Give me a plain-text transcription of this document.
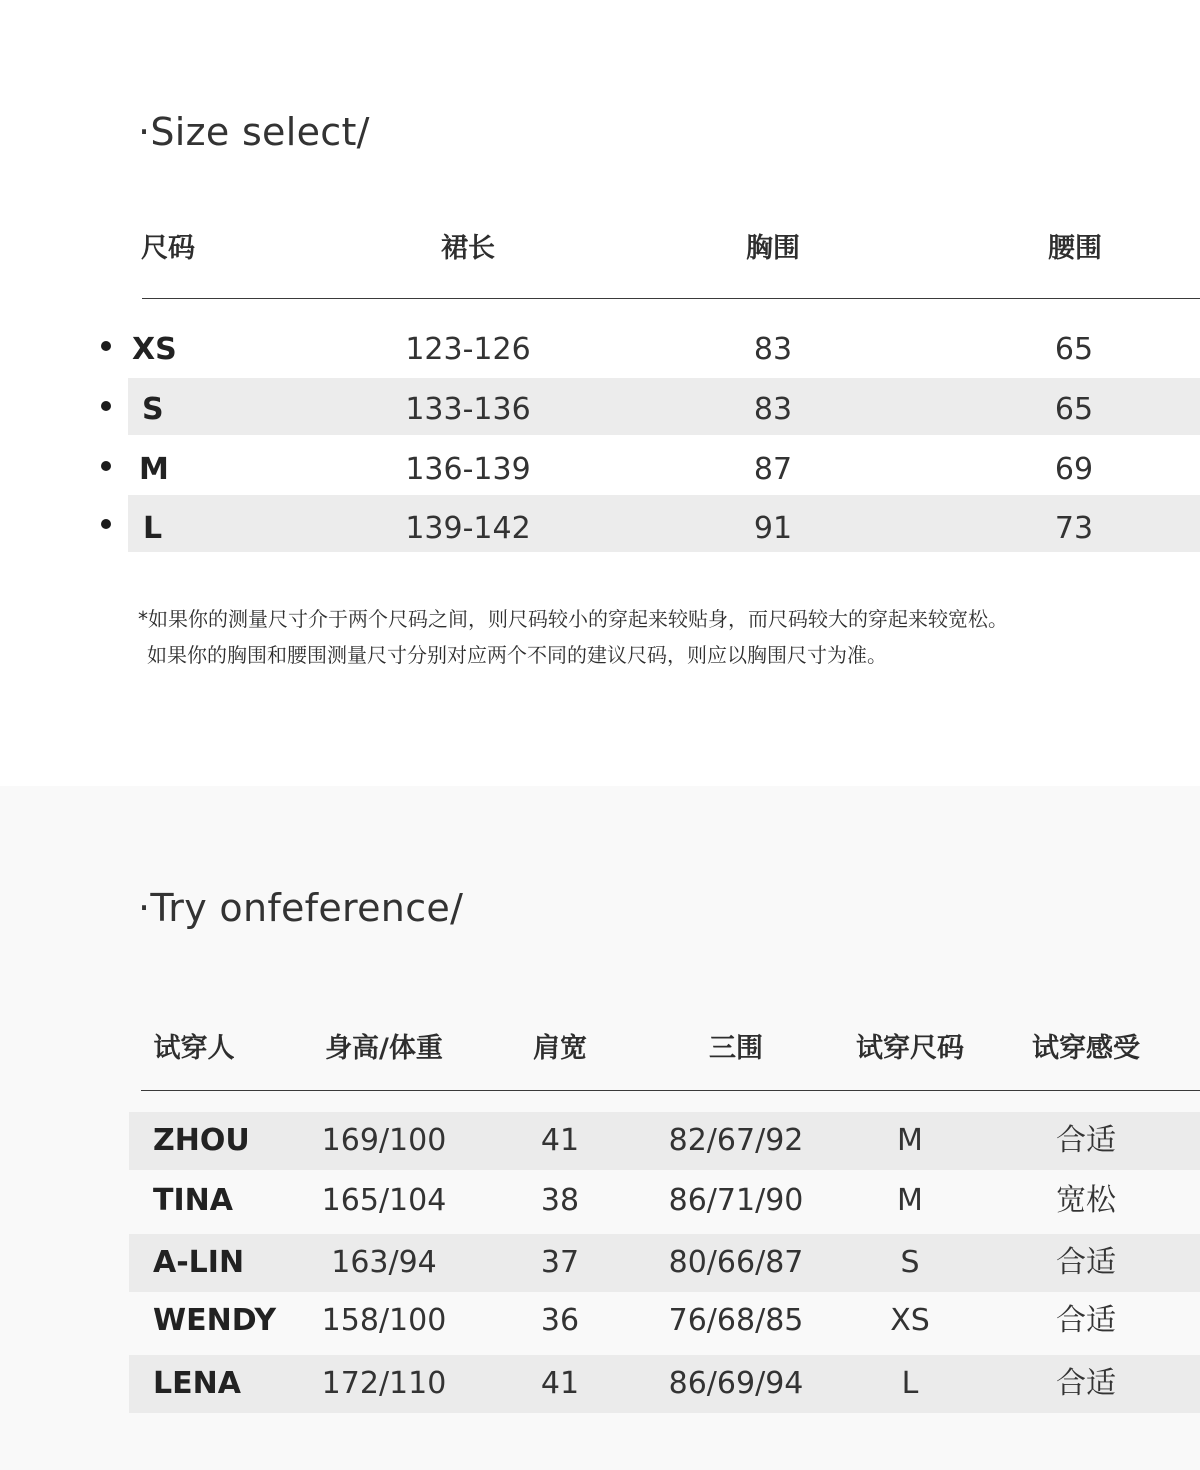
·Size select/
尺码	裙长	胸围	腰围
XS	123-126	83	65
S	133-136	83	65
M	136-139	87	69
L	139-142	91	73
*如果你的测量尺寸介于两个尺码之间，则尺码较小的穿起来较贴身，而尺码较大的穿起来较宽松。
如果你的胸围和腰围测量尺寸分别对应两个不同的建议尺码，则应以胸围尺寸为准。
·Try onfeference/
试穿人	身高/体重	肩宽	三围	试穿尺码	试穿感受
ZHOU 169/100	41	82/67/92	M	合适
TINA	165/104	38	86/71/90	M	宽松
A-LIN	163/94	37	80/66/87	S	合适
WENDY 158/100	36	76/68/85	XS	合适
LENA	172/110	41	86/69/94	L	合适
